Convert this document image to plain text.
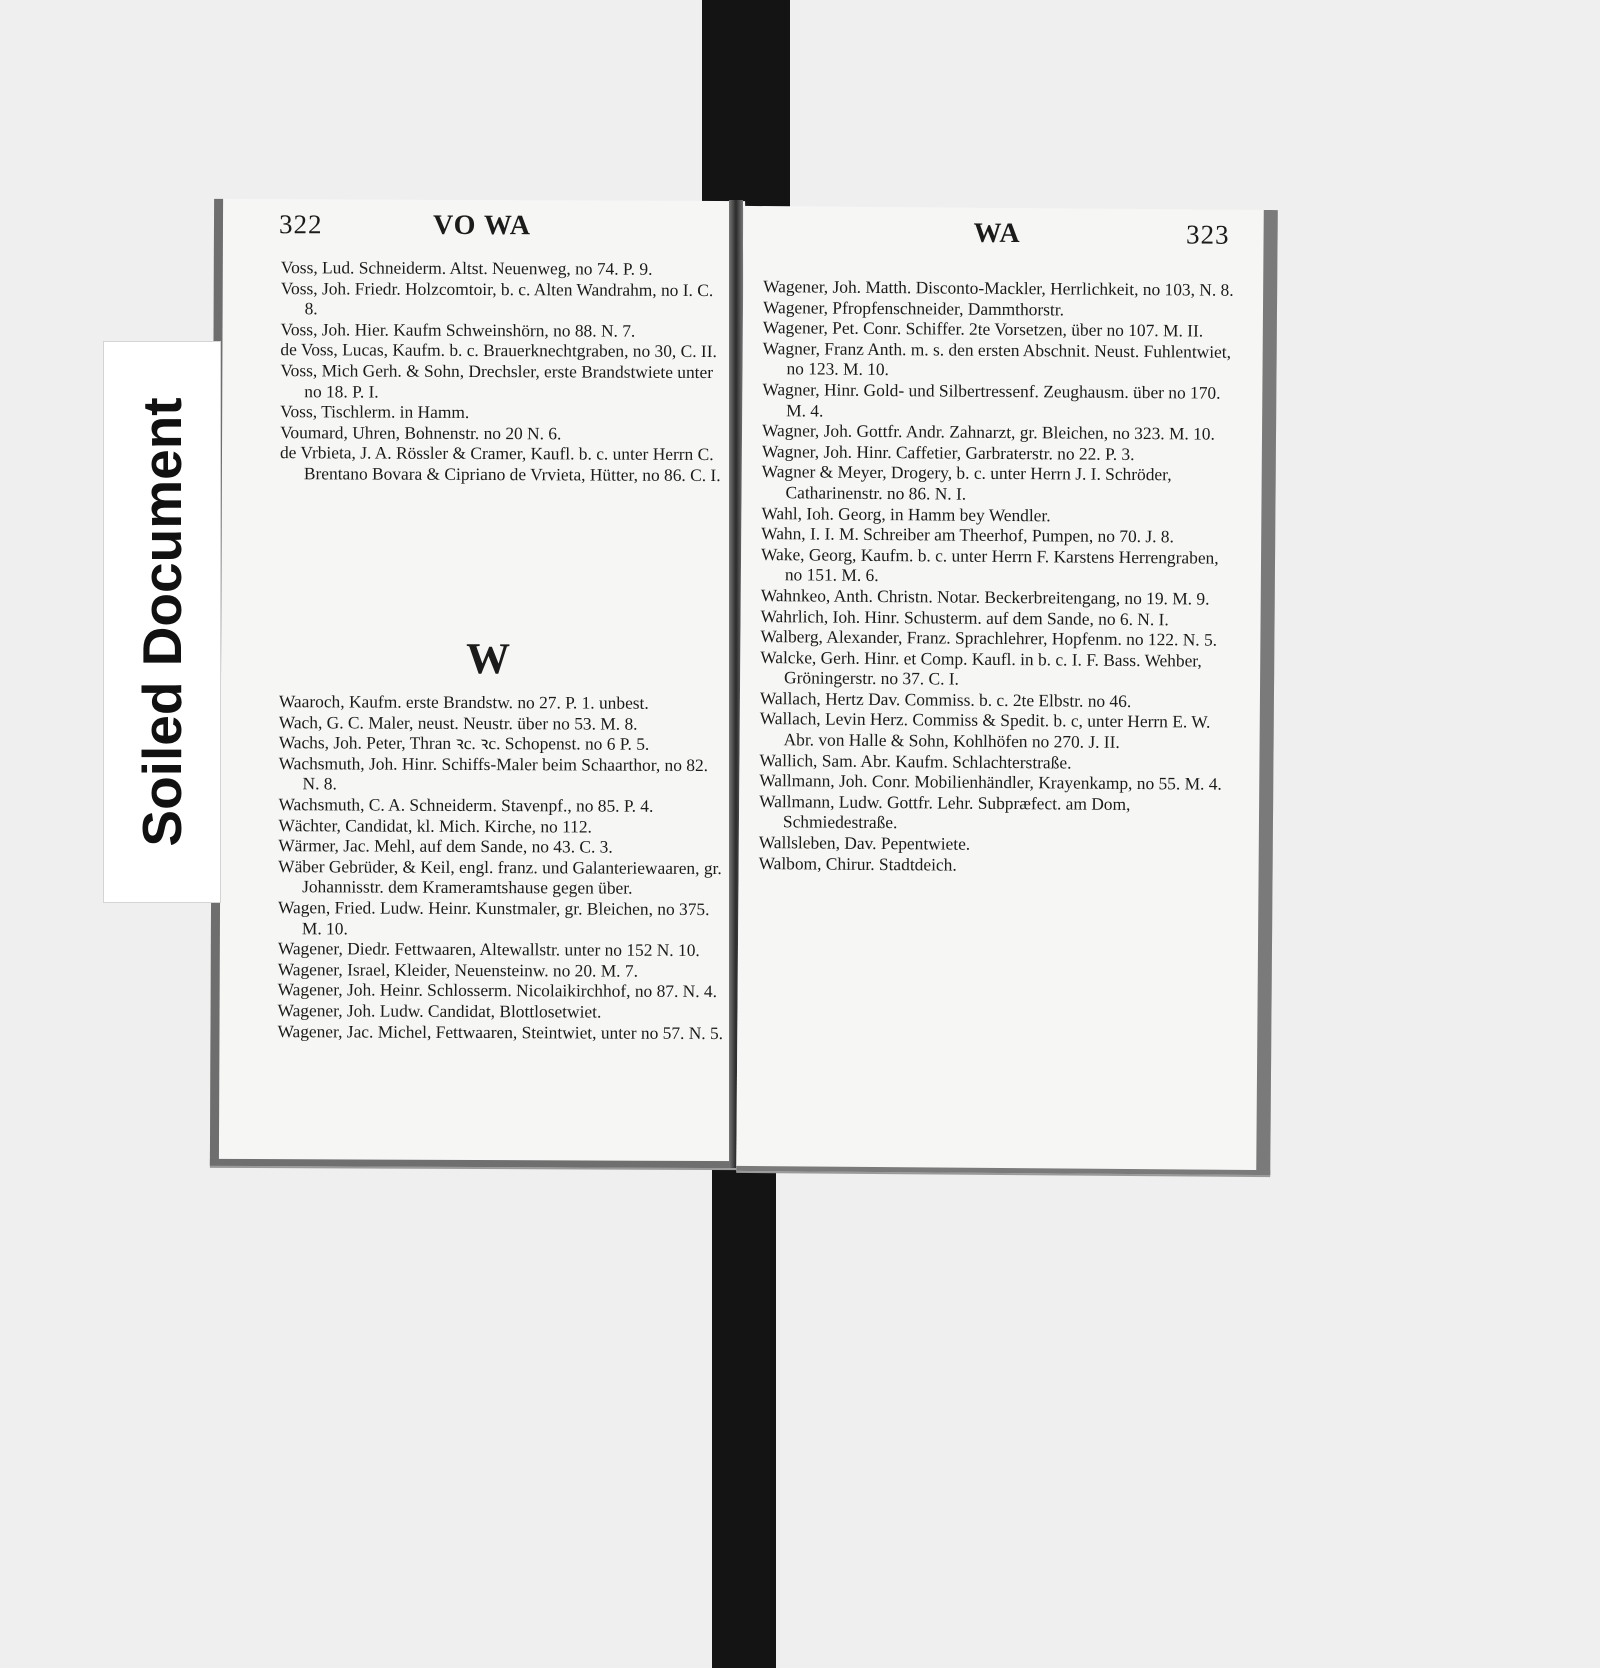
322	VO WA

Voss, Lud. Schneiderm. Altst. Neuenweg, no 74. P. 9.

Voss, Joh. Friedr. Holzcomtoir, b. c. Alten Wandrahm, no I. C. 8.

Voss, Joh. Hier. Kaufm Schweinshörn, no 88. N. 7.

de Voss, Lucas, Kaufm. b. c. Brauerknechtgraben, no 30, C. II.

Voss, Mich Gerh. & Sohn, Drechsler, erste Brandstwiete unter no 18. P. I.

Voss, Tischlerm. in Hamm.

Voumard, Uhren, Bohnenstr. no 20 N. 6.

de Vrbieta, J. A. Rössler & Cramer, Kaufl. b. c. unter Herrn C. Brentano Bovara & Cipriano de Vrvieta, Hütter, no 86. C. I.

W

Waaroch, Kaufm. erste Brandstw. no 27. P. 1. unbest.

Wach, G. C. Maler, neust. Neustr. über no 53. M. 8.

Wachs, Joh. Peter, Thran ꝛc. ꝛc. Schopenst. no 6 P. 5.

Wachsmuth, Joh. Hinr. Schiffs-Maler beim Schaarthor, no 82. N. 8.

Wachsmuth, C. A. Schneiderm. Stavenpf., no 85. P. 4.

Wächter, Candidat, kl. Mich. Kirche, no 112.

Wärmer, Jac. Mehl, auf dem Sande, no 43. C. 3.

Wäber Gebrüder, & Keil, engl. franz. und Galanteriewaaren, gr. Johannisstr. dem Krameramtshause gegen über.

Wagen, Fried. Ludw. Heinr. Kunstmaler, gr. Bleichen, no 375. M. 10.

Wagener, Diedr. Fettwaaren, Altewallstr. unter no 152 N. 10.

Wagener, Israel, Kleider, Neuensteinw. no 20. M. 7.

Wagener, Joh. Heinr. Schlosserm. Nicolaikirchhof, no 87. N. 4.

Wagener, Joh. Ludw. Candidat, Blottlosetwiet.

Wagener, Jac. Michel, Fettwaaren, Steintwiet, unter no 57. N. 5.

WA	323

Wagener, Joh. Matth. Disconto-Mackler, Herrlichkeit, no 103, N. 8.

Wagener, Pfropfenschneider, Dammthorstr.

Wagener, Pet. Conr. Schiffer. 2te Vorsetzen, über no 107. M. II.

Wagner, Franz Anth. m. s. den ersten Abschnit. Neust. Fuhlentwiet, no 123. M. 10.

Wagner, Hinr. Gold- und Silbertressenf. Zeughausm. über no 170. M. 4.

Wagner, Joh. Gottfr. Andr. Zahnarzt, gr. Bleichen, no 323. M. 10.

Wagner, Joh. Hinr. Caffetier, Garbraterstr. no 22. P. 3.

Wagner & Meyer, Drogery, b. c. unter Herrn J. I. Schröder, Catharinenstr. no 86. N. I.

Wahl, Ioh. Georg, in Hamm bey Wendler.

Wahn, I. I. M. Schreiber am Theerhof, Pumpen, no 70. J. 8.

Wake, Georg, Kaufm. b. c. unter Herrn F. Karstens Herrengraben, no 151. M. 6.

Wahnkeo, Anth. Christn. Notar. Beckerbreitengang, no 19. M. 9.

Wahrlich, Ioh. Hinr. Schusterm. auf dem Sande, no 6. N. I.

Walberg, Alexander, Franz. Sprachlehrer, Hopfenm. no 122. N. 5.

Walcke, Gerh. Hinr. et Comp. Kaufl. in b. c. I. F. Bass. Wehber, Gröningerstr. no 37. C. I.

Wallach, Hertz Dav. Commiss. b. c. 2te Elbstr. no 46.

Wallach, Levin Herz. Commiss & Spedit. b. c, unter Herrn E. W. Abr. von Halle & Sohn, Kohlhöfen no 270. J. II.

Wallich, Sam. Abr. Kaufm. Schlachterstraße.

Wallmann, Joh. Conr. Mobilienhändler, Krayenkamp, no 55. M. 4.

Wallmann, Ludw. Gottfr. Lehr. Subpræfect. am Dom, Schmiedestraße.

Wallsleben, Dav. Pepentwiete.

Walbom, Chirur. Stadtdeich.

Soiled Document
